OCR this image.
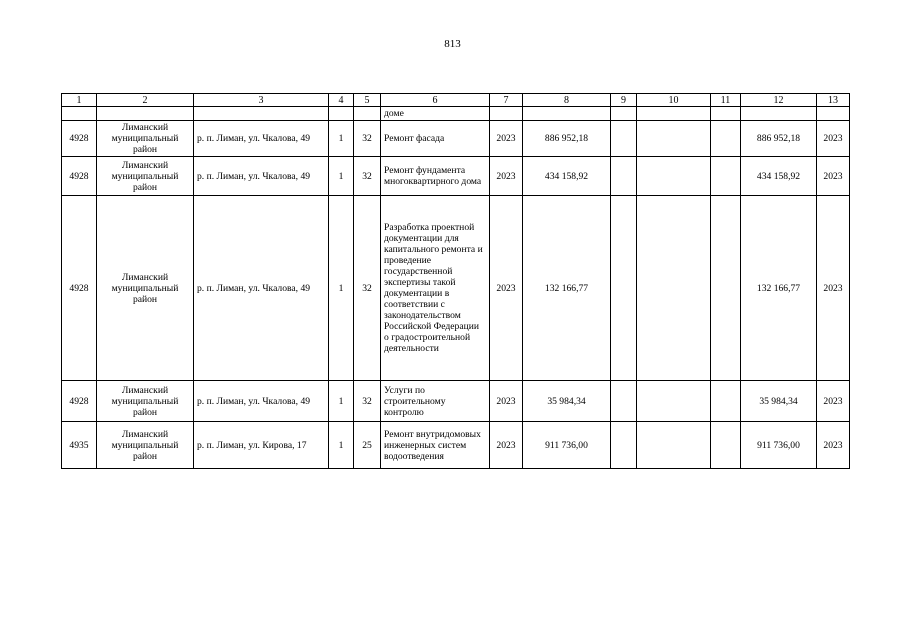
813
1	2	3	4	5	6	7	8	9	10	11	12	13
					доме							
4928	Лиманский муниципальный район	р. п. Лиман, ул. Чкалова, 49	1	32	Ремонт фасада	2023	886 952,18				886 952,18	2023
4928	Лиманский муниципальный район	р. п. Лиман, ул. Чкалова, 49	1	32	Ремонт фундамента многоквартирного дома	2023	434 158,92				434 158,92	2023
4928	Лиманский муниципальный район	р. п. Лиман, ул. Чкалова, 49	1	32	Разработка проектной документации для капитального ремонта и проведение государственной экспертизы такой документации в соответствии с законодательством Российской Федерации о градостроительной деятельности	2023	132 166,77				132 166,77	2023
4928	Лиманский муниципальный район	р. п. Лиман, ул. Чкалова, 49	1	32	Услуги по строительному контролю	2023	35 984,34				35 984,34	2023
4935	Лиманский муниципальный район	р. п. Лиман, ул. Кирова, 17	1	25	Ремонт внутридомовых инженерных систем водоотведения	2023	911 736,00				911 736,00	2023
